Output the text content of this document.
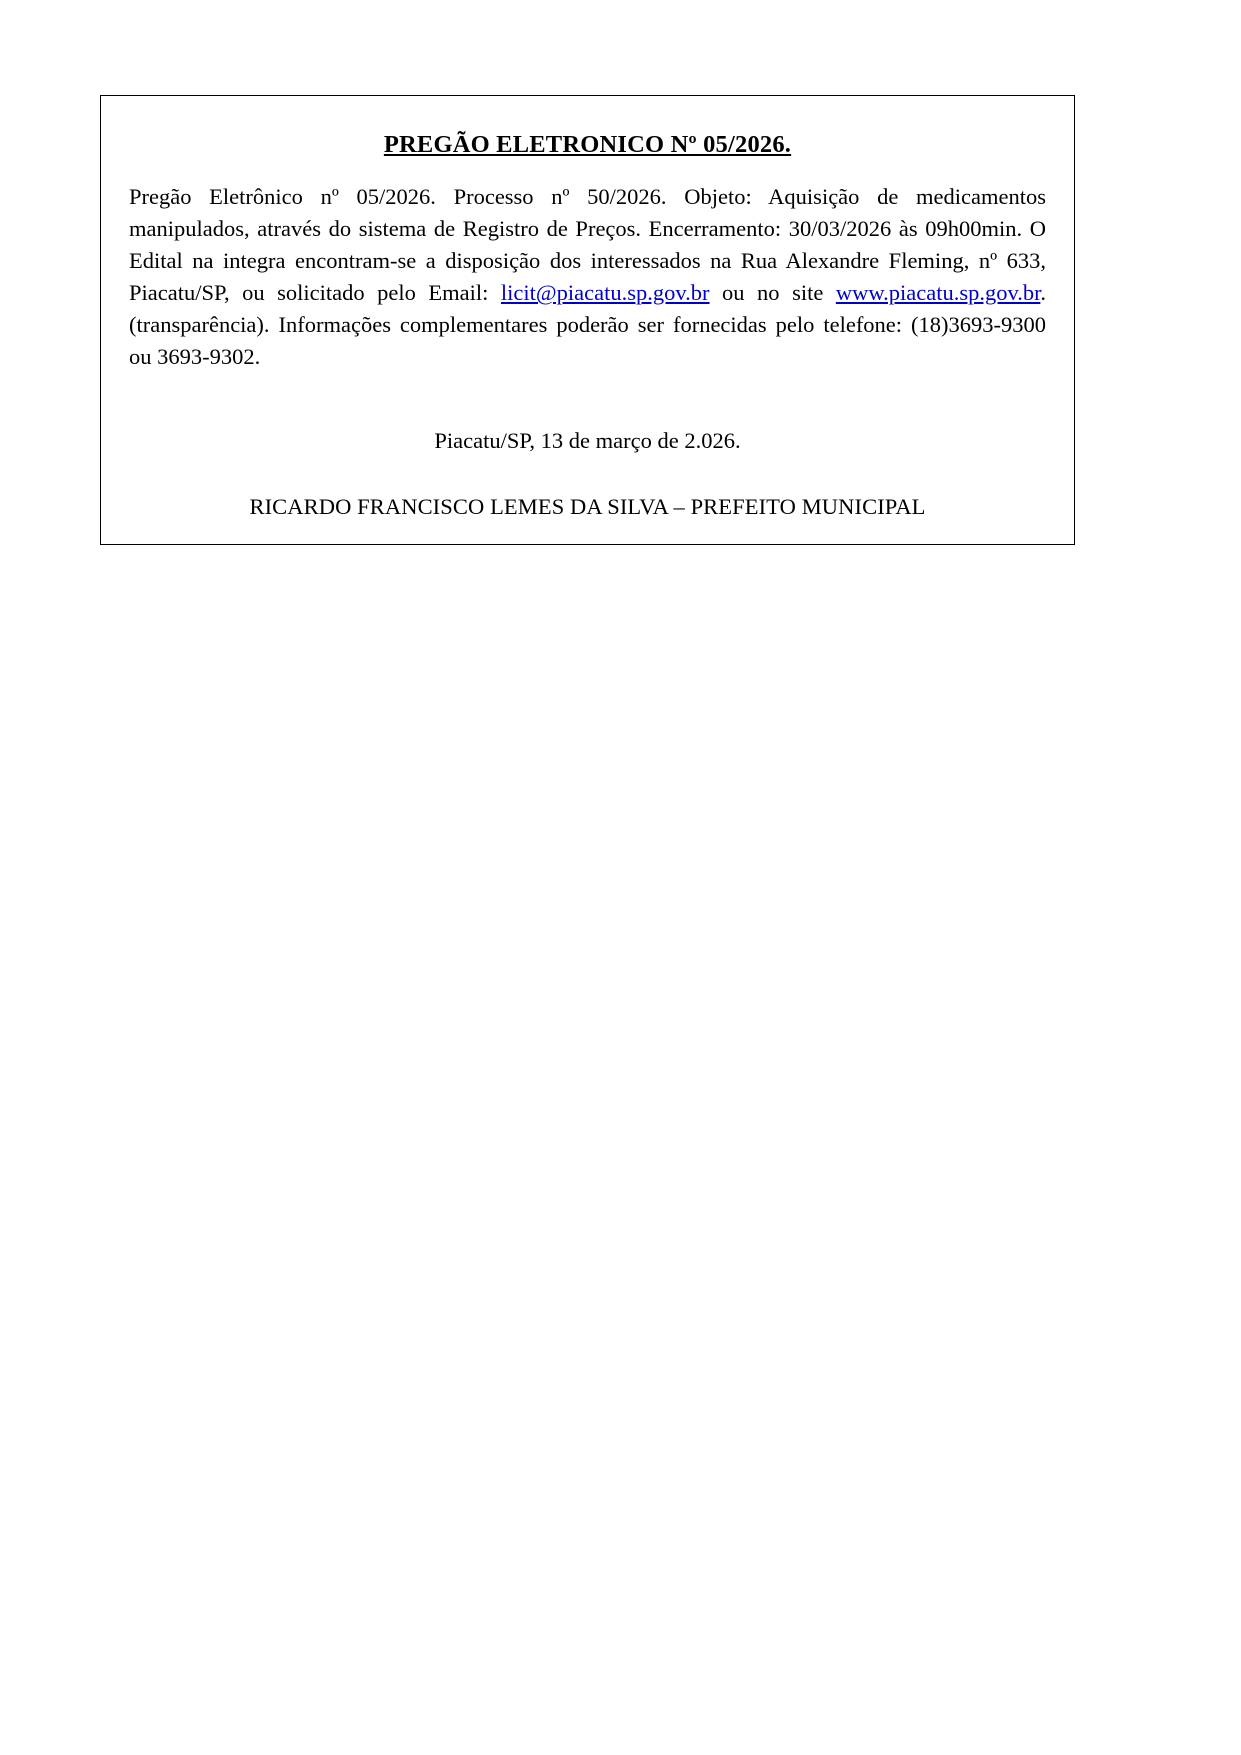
PREGÃO ELETRONICO Nº 05/2026.

Pregão Eletrônico nº 05/2026. Processo nº 50/2026. Objeto: Aquisição de medicamentos manipulados, através do sistema de Registro de Preços. Encerramento: 30/03/2026 às 09h00min. O Edital na integra encontram-se a disposição dos interessados na Rua Alexandre Fleming, nº 633, Piacatu/SP, ou solicitado pelo Email: licit@piacatu.sp.gov.br ou no site www.piacatu.sp.gov.br. (transparência). Informações complementares poderão ser fornecidas pelo telefone: (18)3693-9300 ou 3693-9302.

Piacatu/SP, 13 de março de 2.026.

RICARDO FRANCISCO LEMES DA SILVA – PREFEITO MUNICIPAL
